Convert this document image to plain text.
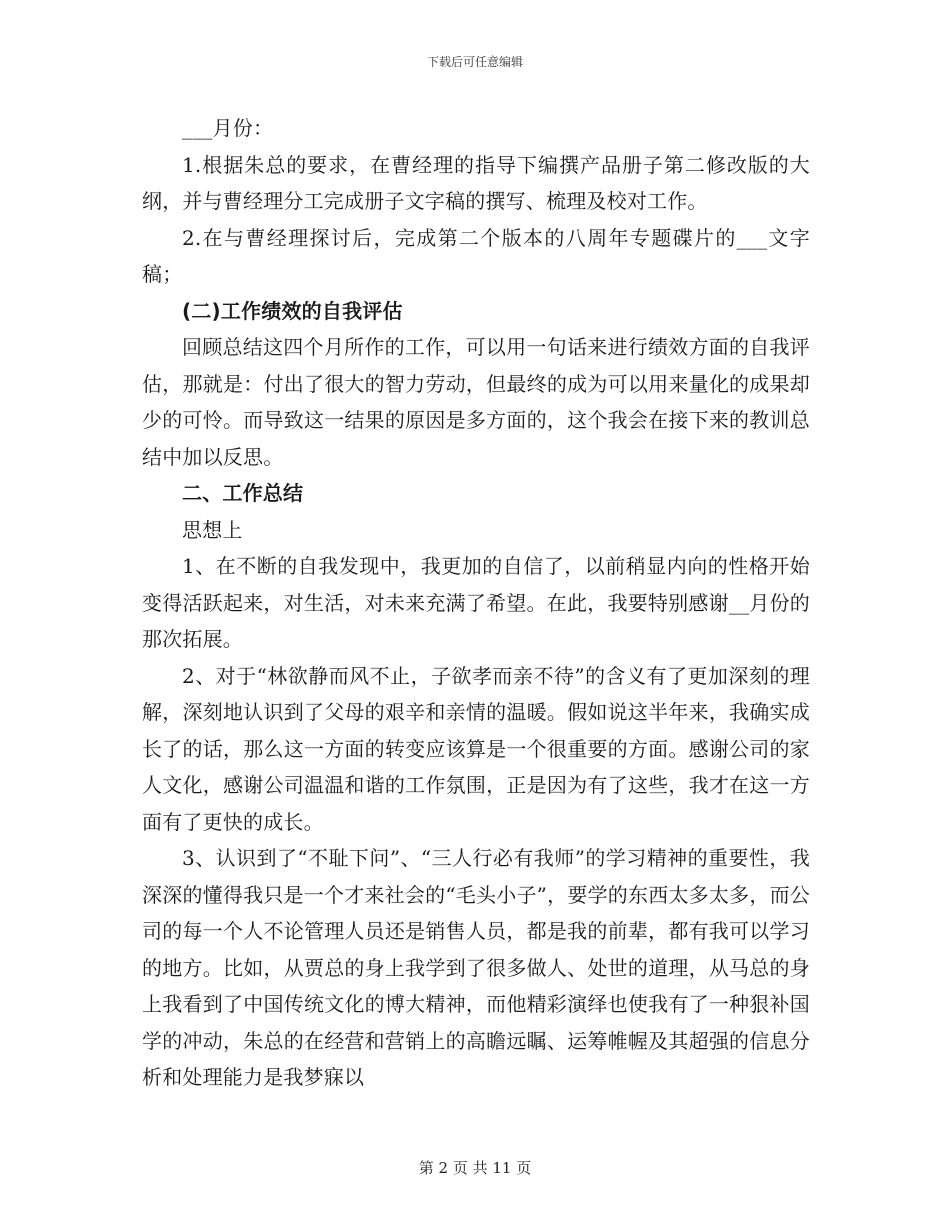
下载后可任意编辑

___月份：

1.根据朱总的要求，在曹经理的指导下编撰产品册子第二修改版的大纲，并与曹经理分工完成册子文字稿的撰写、梳理及校对工作。

2.在与曹经理探讨后，完成第二个版本的八周年专题碟片的___文字稿；

(二)工作绩效的自我评估

回顾总结这四个月所作的工作，可以用一句话来进行绩效方面的自我评估，那就是：付出了很大的智力劳动，但最终的成为可以用来量化的成果却少的可怜。而导致这一结果的原因是多方面的，这个我会在接下来的教训总结中加以反思。

二、工作总结

思想上

1、在不断的自我发现中，我更加的自信了，以前稍显内向的性格开始变得活跃起来，对生活，对未来充满了希望。在此，我要特别感谢__月份的那次拓展。

2、对于“林欲静而风不止，子欲孝而亲不待”的含义有了更加深刻的理解，深刻地认识到了父母的艰辛和亲情的温暖。假如说这半年来，我确实成长了的话，那么这一方面的转变应该算是一个很重要的方面。感谢公司的家人文化，感谢公司温温和谐的工作氛围，正是因为有了这些，我才在这一方面有了更快的成长。

3、认识到了“不耻下问”、“三人行必有我师”的学习精神的重要性，我深深的懂得我只是一个才来社会的“毛头小子”，要学的东西太多太多，而公司的每一个人不论管理人员还是销售人员，都是我的前辈，都有我可以学习的地方。比如，从贾总的身上我学到了很多做人、处世的道理，从马总的身上我看到了中国传统文化的博大精神，而他精彩演绎也使我有了一种狠补国学的冲动，朱总的在经营和营销上的高瞻远瞩、运筹帷幄及其超强的信息分析和处理能力是我梦寐以

第 2 页 共 11 页
